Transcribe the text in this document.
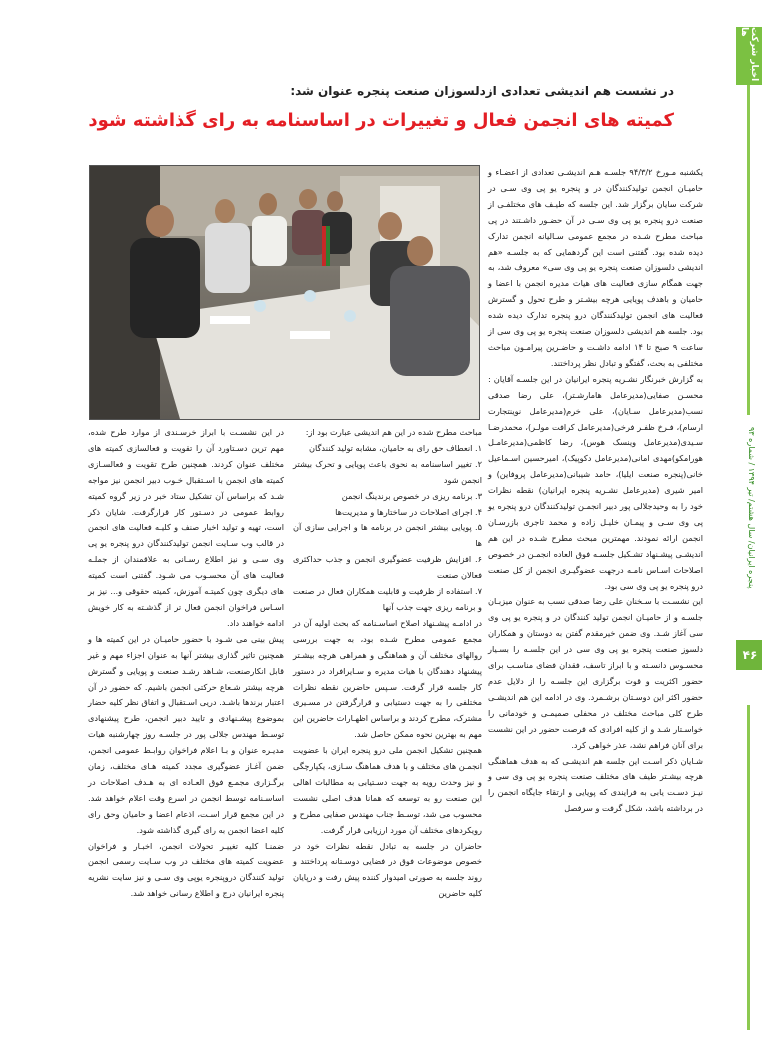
اخبار شرکت ها
پنجره ایرانیان/ سال هشتم/ تیر ۱۳۹۴ / شماره ۹۳
۴۶
در نشست هم اندیشی تعدادی ازدلسوزان صنعت پنجره عنوان شد:
کمیته های انجمن فعال و تغییرات در اساسنامه به رای گذاشته شود

یکشنبه مـورخ ۹۴/۳/۲ جلسـه هـم اندیشـی تعدادی از اعضـاء و حامیـان انجمن تولیدکنندگان در و پنجره یو پی وی سـی در شرکت سایان برگزار شد. این جلسه که طیـف های مختلفـی از صنعت درو پنجره یو پی وی سـی در آن حضـور داشـتند در پی مباحث مطرح شـده در مجمع عمومی سـالیانه انجمن تدارک دیده شده بود. گفتنی است این گردهمایی که به جلسـه «هم اندیشی دلسوزان صنعت پنجره یو پی وی سی» معروف شد، به جهت همگام سازی فعالیت های هیات مدیره انجمن با اعضا و حامیان و باهدف پویایی هرچه بیشـتر و طرح تحول و گسترش فعالیت های انجمن تولیدکنندگان درو پنجره تدارک دیده شده بود. جلسه هم اندیشی دلسوزان صنعت پنجره یو پی وی سی از ساعت ۹ صبح تا ۱۴ ادامه داشـت و حاضـرین پیرامـون مباحث مختلفی به بحث، گفتگو و تبادل نظر پرداختند.

به گزارش خبرنگار نشـریه پنجره ایرانیان در این جلسـه آقایان : محسـن صفایی(مدیرعامل هامارشـتر)، علی رضا صدقی نسب(مدیرعامل سـایان)، علی خرم(مدیرعامل نوینتجارت ارسام)، فـرخ ظفـر فرخی(مدیرعامل کرافت مولـر)، محمدرضـا سـیدی(مدیرعامل وینسک هوس)، رضا کاظمی(مدیرعامـل هورامکو)مهدی امانی(مدیرعامل دکوپیک)، امیرحسین اسـماعیل خانی(پنجره صنعت ایلیا)، حامد شیبانی(مدیرعامل پروفاین) و امیر شیری (مدیرعامل نشـریه پنجره ایرانیان) نقطه نظرات خود را به وحیدجلالی پور دبیر انجمـن تولیدکنندگان درو پنجره یو پی وی سـی و پیمـان خلیـل زاده و محمد تاجری بازرسـان انجمن ارائه نمودند. مهمترین مبحث مطرح شـده در این هم اندیشـی پیشـنهاد تشـکیل جلسـه فوق العاده انجمـن در خصوص اصلاحات اسـاس نامـه درجهت عضوگیـری انجمن از کل صنعت درو پنجره یو پی وی سی بود.

این نشسـت با سـخنان علی رضا صدقی نسب به عنوان میزبـان جلسـه و از حامیـان انجمن تولید کنندگان در و پنجره یو پی وی سی آغاز شـد. وی ضمن خیرمقدم گفتن به دوستان و همکاران دلسوز صنعت پنجره یو پی وی سی در این جلسـه را بسـیار محسـوس دانسـته و با ابراز تاسف، فقدان فضای مناسـب برای حضور اکثریت و قوت برگزاری این جلسـه را از دلایل عدم حضور اکثر این دوسـتان برشـمرد. وی در ادامه این هم اندیشـی طرح کلی مباحث مختلف در محفلی صمیمـی و خودمانی را خواسـتار شـد و از کلیه افرادی که فرصت حضور در این نشست برای آنان فراهم نشد، عذر خواهی کرد.

شـایان ذکر اسـت این جلسه هم اندیشـی که به هدف هماهنگی هرچه بیشـتر طیف های مختلف صنعت پنجره یو پی وی سی و نیـز دسـت یابی به فرایندی که پویایی و ارتقاء جایگاه انجمن را در برداشته باشد، شکل گرفت و سرفصل

مباحث مطرح شده در این هم اندیشی عبارت بود از:

۱. انعطاف حق رای به حامیان، مشابه تولید کنندگان

۲. تغییر اساسنامه به نحوی باعث پویایی و تحرک بیشتر انجمن شود

۳. برنامه ریزی در خصوص برندینگ انجمن

۴. اجرای اصلاحات در ساختارها و مدیریت‌ها

۵. پویایی بیشتر انجمن در برنامه ها و اجرایی سازی آن ها

۶. افزایش ظرفیت عضوگیری انجمن و جذب حداکثری فعالان صنعت

۷. استفاده از ظرفیت و قابلیت همکاران فعال در صنعت و برنامه ریزی جهت جذب آنها

در ادامـه پیشـنهاد اصلاح اساسـنامه که بحث اولیه آن در مجمع عمومی مطرح شـده بود، به جهت بررسی روالهای مختلف آن و هماهنگی و همراهی هرچه بیشـتر پیشنهاد دهندگان با هیات مدیره و سـایرافراد در دستور کار جلسه قرار گرفت. سـپس حاضرین نقطه نظرات مختلفی را به جهت دستیابی و قرارگرفتن در مسـیری مشترک، مطرح کردند و براساس اظهـارات حاضرین این مهم به بهترین نحوه ممکن حاصل شد.

همچنین تشکیل انجمن ملی درو پنجره ایران با عضویت انجمـن های مختلف و با هدف هماهنگ سـازی، یکپارچگی و نیز وحدت رویه به جهت دسـتیابی به مطالبات اهالی این صنعت رو به توسعه که همانا هدف اصلی نشست محسوب می شد، توسـط جناب مهندس صفایی مطرح و رویکردهای مختلف آن مورد ارزیابی قرار گرفت.

حاضران در جلسه به تبادل نقطه نظرات خود در خصوص موضوعات فوق در فضایی دوسـتانه پرداختند و روند جلسه به صورتی امیدوار کننده پیش رفت و درپایان کلیه حاضرین

در این نشسـت با ابراز خرسـندی از موارد طرح شده، مهم ترین دسـتاورد آن را تقویت و فعالسازی کمیته های مختلف عنوان کردند. همچنین طرح تقویت و فعالسـازی کمیته های انجمن با اسـتقبال خـوب دبیر انجمن نیز مواجه شـد که براساس آن تشکیل ستاد خبر در زیر گروه کمیته روابط عمومی در دسـتور کار قرارگرفت. شایان ذکر است، تهیه و تولید اخبار صنف و کلیـه فعالیت های انجمن در قالب وب سـایت انجمن تولیدکنندگان درو پنجره یو پی وی سـی و نیز اطلاع رسـانی به علاقمندان از جملـه فعالیت های آن محسـوب می شـود. گفتنی است کمیته های دیگری چون کمیتـه آموزش، کمیته حقوقی و... نیز بر اسـاس فراخوان انجمن فعال تر از گذشـته به کار خویش ادامه خواهند داد.

پیش بینی می شـود با حضور حامیـان در این کمیته ها و همچنین تاثیر گذاری بیشتر آنها به عنوان اجزاء مهم و غیر قابل انکارصنعت، شـاهد رشـد صنعت و پویایی و گسترش هرچه بیشتر شـعاع حرکتی انجمن باشیم. که حضور در آن اعتبار برندها باشـد. دریی اسـتقبال و اتفاق نظر کلیه حضار بموضوع پیشـنهادی و تایید دبیر انجمن، طرح پیشنهادی توسـط مهندس جلالی پور در جلسـه روز چهارشنبه هیات مدیـره عنوان و بـا اعلام فراخوان روابـط عمومی انجمن، ضمن آغـاز عضوگیری مجدد کمیته هـای مختلف، زمان برگـزاری مجمـع فوق العـاده ای به هـدف اصلاحات در اساسـنامه توسط انجمن در اسرع وقت اعلام خواهد شد. در این مجمع قرار اسـت، اذعام اعضا و حامیان وحق رای کلیه اعضا انجمن به رای گیری گذاشته شود.

ضمنـا کلیه تغییـر تحولات انجمن، اخبـار و فراخوان عضویت کمیته های مختلف در وب سـایت رسمی انجمن تولید کنندگان دروپنجره یوپی وی سـی و نیز سایت نشریه پنجره ایرانیان درج و اطلاع رسانی خواهد شد.
